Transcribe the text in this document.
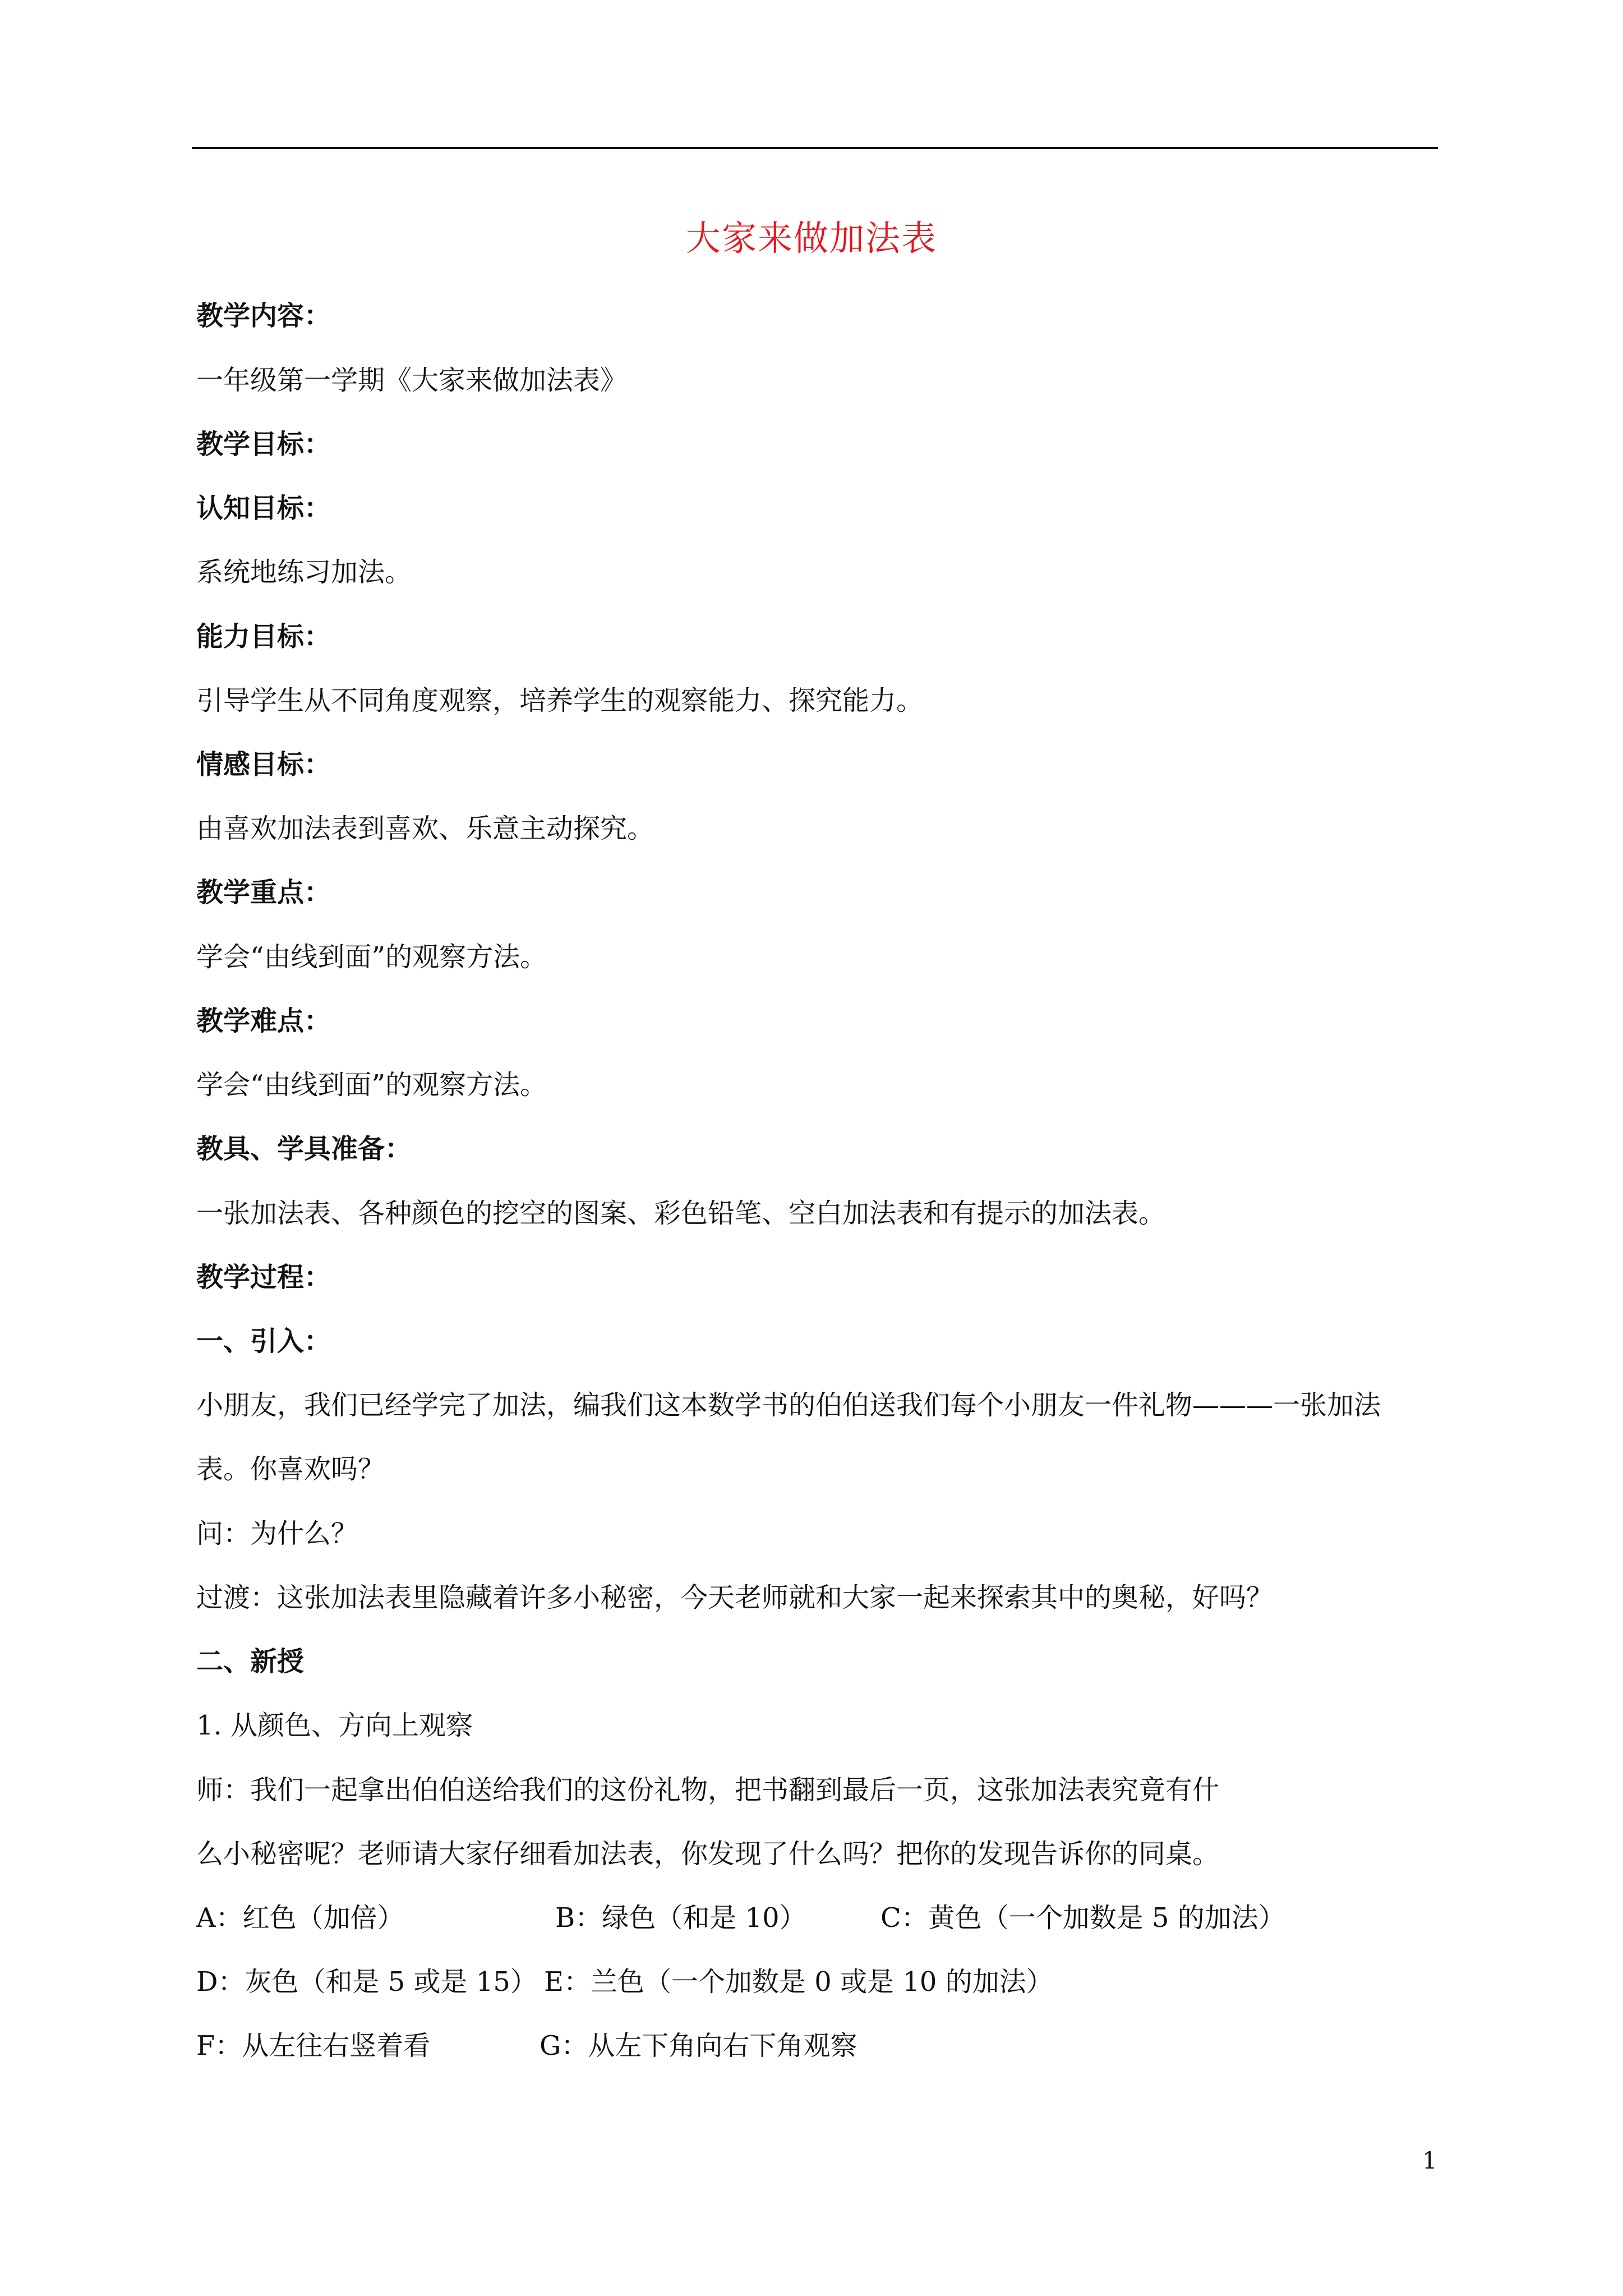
大家来做加法表
教学内容：
一年级第一学期《大家来做加法表》
教学目标：
认知目标：
系统地练习加法。
能力目标：
引导学生从不同角度观察，培养学生的观察能力、探究能力。
情感目标：
由喜欢加法表到喜欢、乐意主动探究。
教学重点：
学会“由线到面”的观察方法。
教学难点：
学会“由线到面”的观察方法。
教具、学具准备：
一张加法表、各种颜色的挖空的图案、彩色铅笔、空白加法表和有提示的加法表。
教学过程：
一、引入：
小朋友，我们已经学完了加法，编我们这本数学书的伯伯送我们每个小朋友一件礼物———一张加法
表。你喜欢吗？
问：为什么？
过渡：这张加法表里隐藏着许多小秘密，今天老师就和大家一起来探索其中的奥秘，好吗？
二、新授
1. 从颜色、方向上观察
师：我们一起拿出伯伯送给我们的这份礼物，把书翻到最后一页，这张加法表究竟有什
么小秘密呢？老师请大家仔细看加法表，你发现了什么吗？把你的发现告诉你的同桌。
A：红色（加倍）	B：绿色（和是 10）	C：黄色（一个加数是 5 的加法）
D：灰色（和是 5 或是 15） E：兰色（一个加数是 0 或是 10 的加法）
F：从左往右竖着看	G：从左下角向右下角观察
1
